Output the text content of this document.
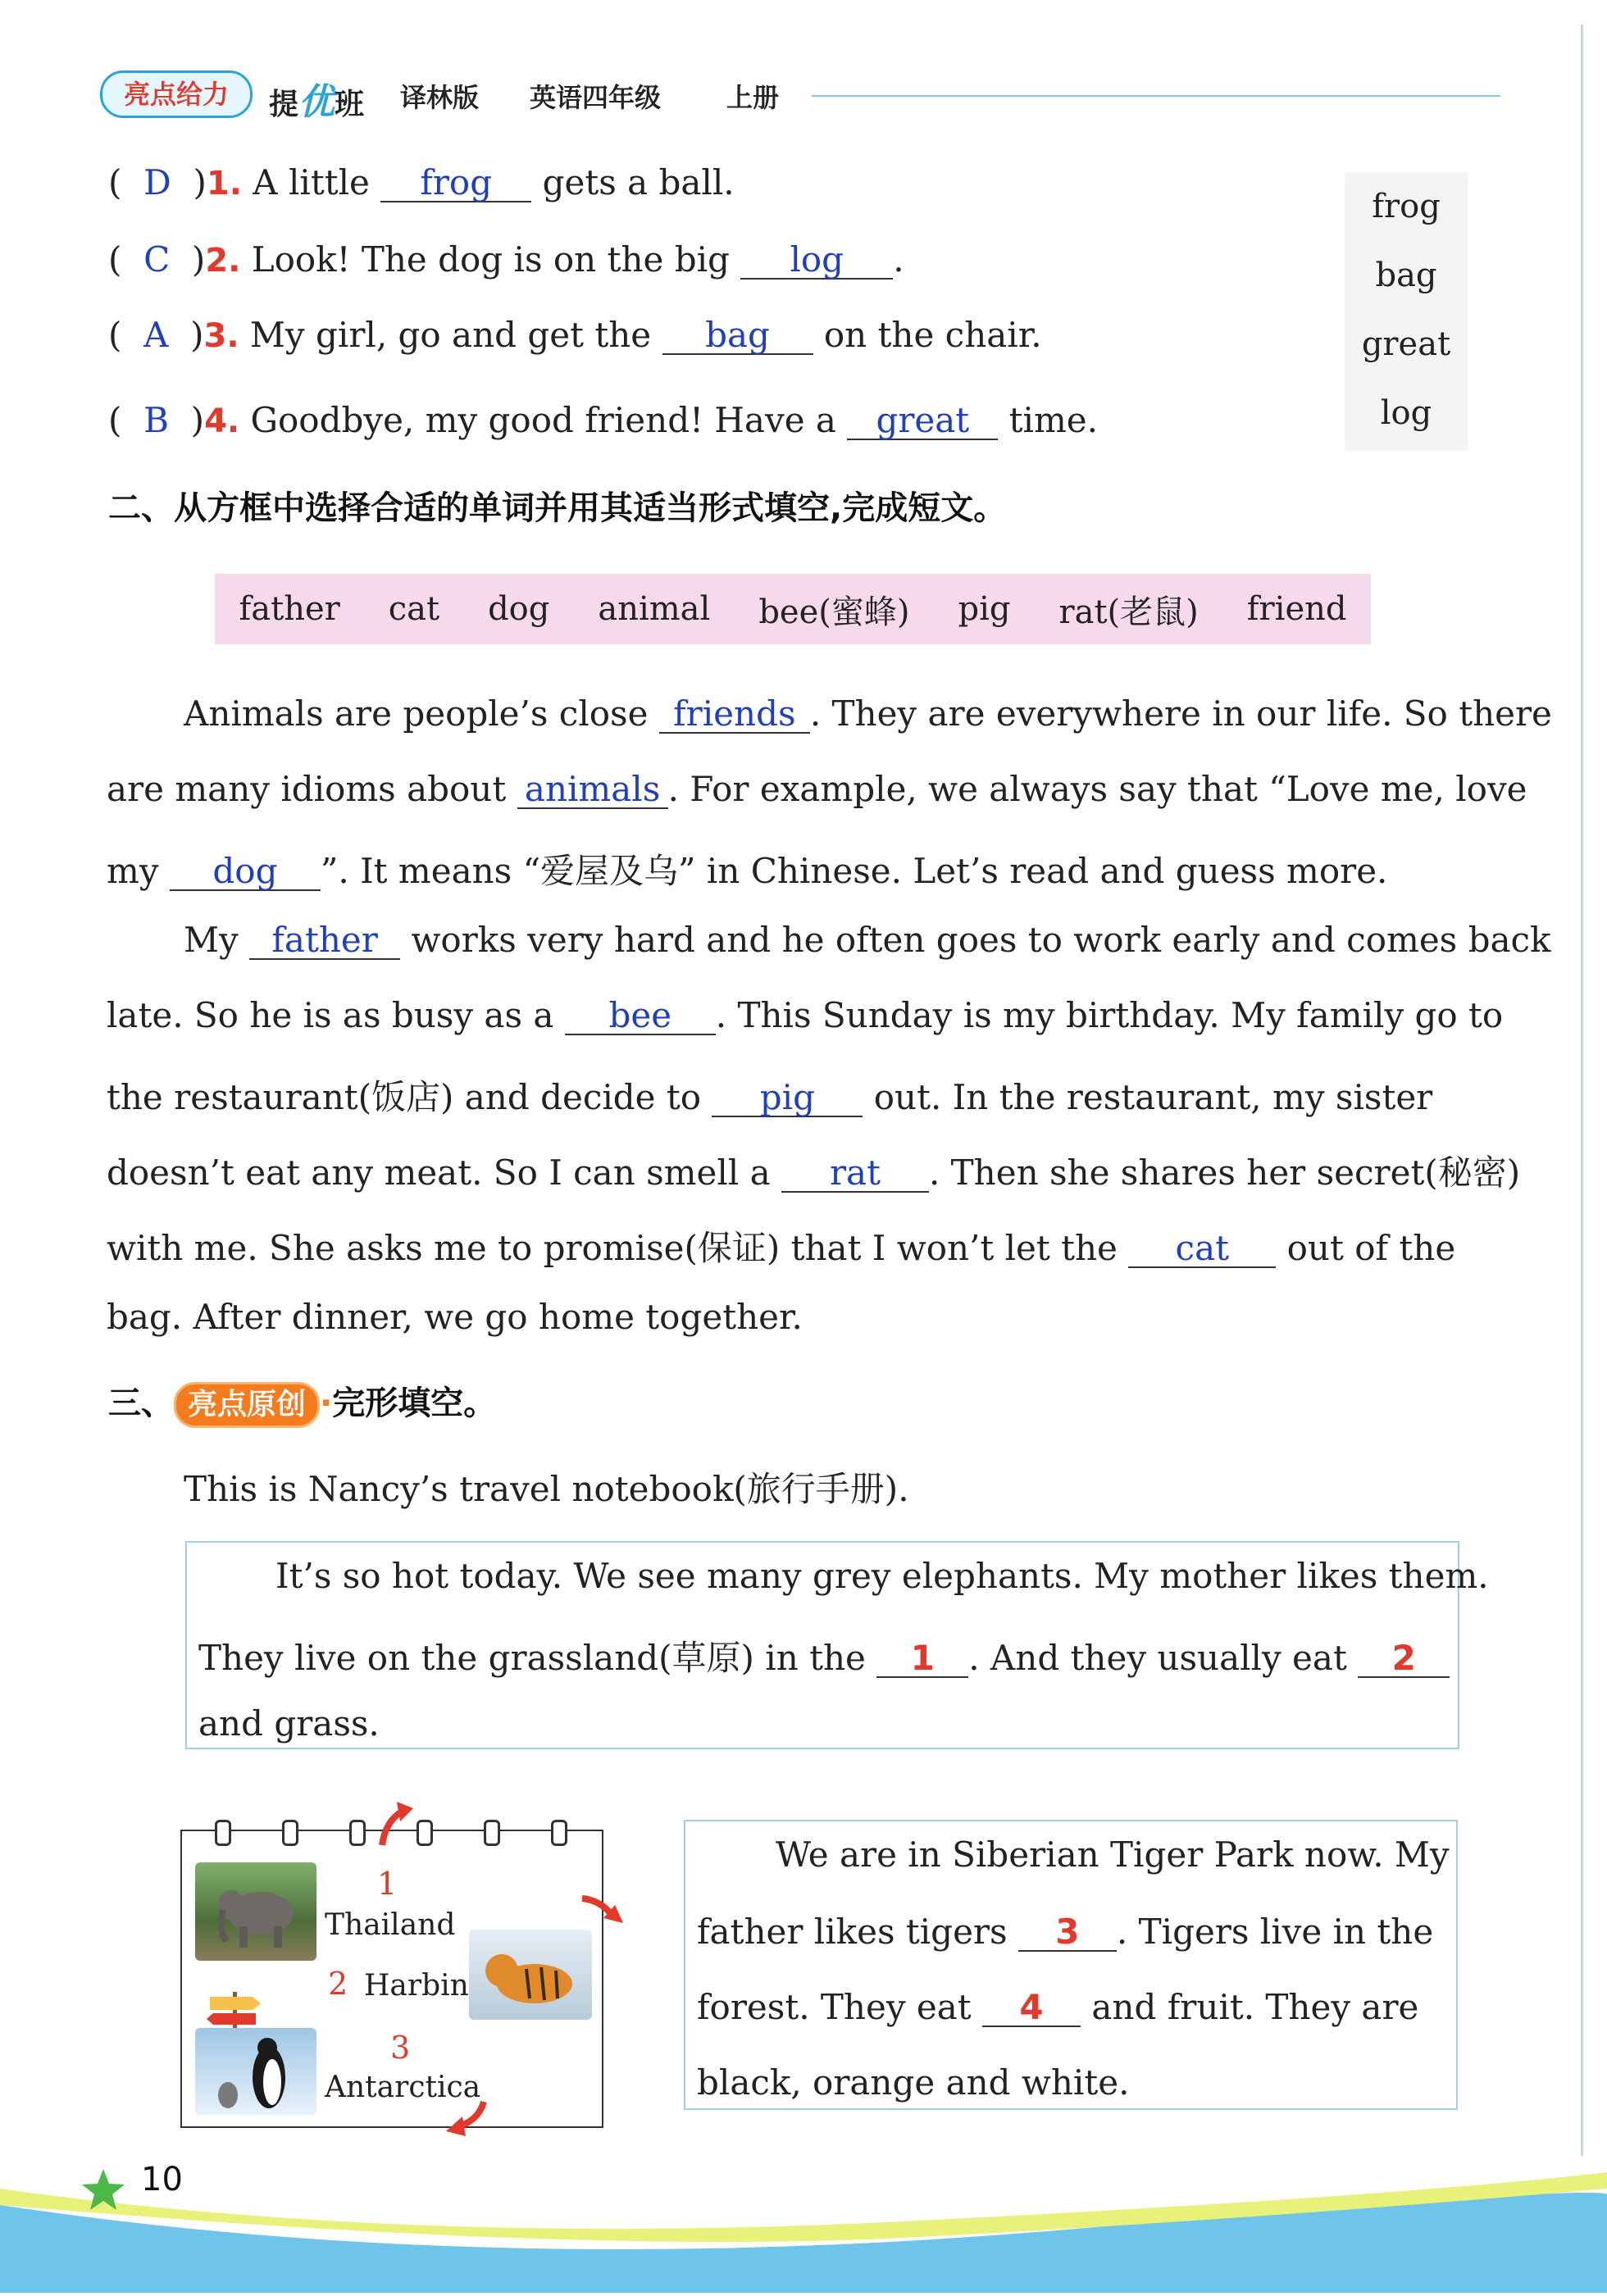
亮点给力	提优班 译林版 英语四年级 上册
(  D  )1. A little frog gets a ball.
(  C  )2. Look! The dog is on the big log .
(  A  )3. My girl, go and get the bag on the chair.
(  B  )4. Goodbye, my good friend! Have a great time.
frog
bag
great
log
二、从方框中选择合适的单词并用其适当形式填空,完成短文。
father cat dog animal bee(蜜蜂) pig rat(老鼠) friend
Animals are people’s close friends . They are everywhere in our life. So there
are many idioms about animals . For example, we always say that “Love me, love
my dog ”. It means “爱屋及乌” in Chinese. Let’s read and guess more.
My father works very hard and he often goes to work early and comes back
late. So he is as busy as a bee . This Sunday is my birthday. My family go to
the restaurant(饭店) and decide to pig out. In the restaurant, my sister
doesn’t eat any meat. So I can smell a rat . Then she shares her secret(秘密)
with me. She asks me to promise(保证) that I won’t let the cat out of the
bag. After dinner, we go home together.
三、 亮点原创 ·完形填空。
This is Nancy’s travel notebook(旅行手册).
It’s so hot today. We see many grey elephants. My mother likes them.
They live on the grassland(草原) in the 1 . And they usually eat 2
and grass.
1
Thailand
2 Harbin
3
Antarctica
We are in Siberian Tiger Park now. My
father likes tigers 3 . Tigers live in the
forest. They eat 4 and fruit. They are
black, orange and white.
10
